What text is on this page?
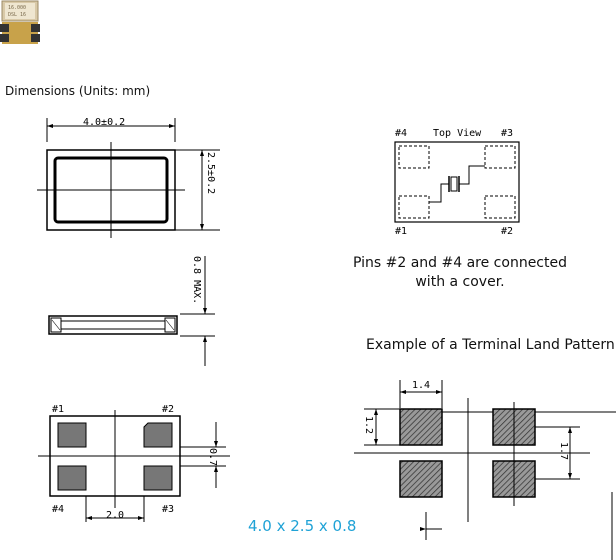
16.000
DSL 16
Dimensions (Units: mm)
4.0±0.2
2.5±0.2
0.8 MAX.
#1	#2
#4	#3
0.7
2.0
#4	Top View #3
#1	#2
Pins #2 and #4 are connected
with a cover.
Example of a Terminal Land Pattern
1.4
1.2
1.7
4.0 x 2.5 x 0.8
